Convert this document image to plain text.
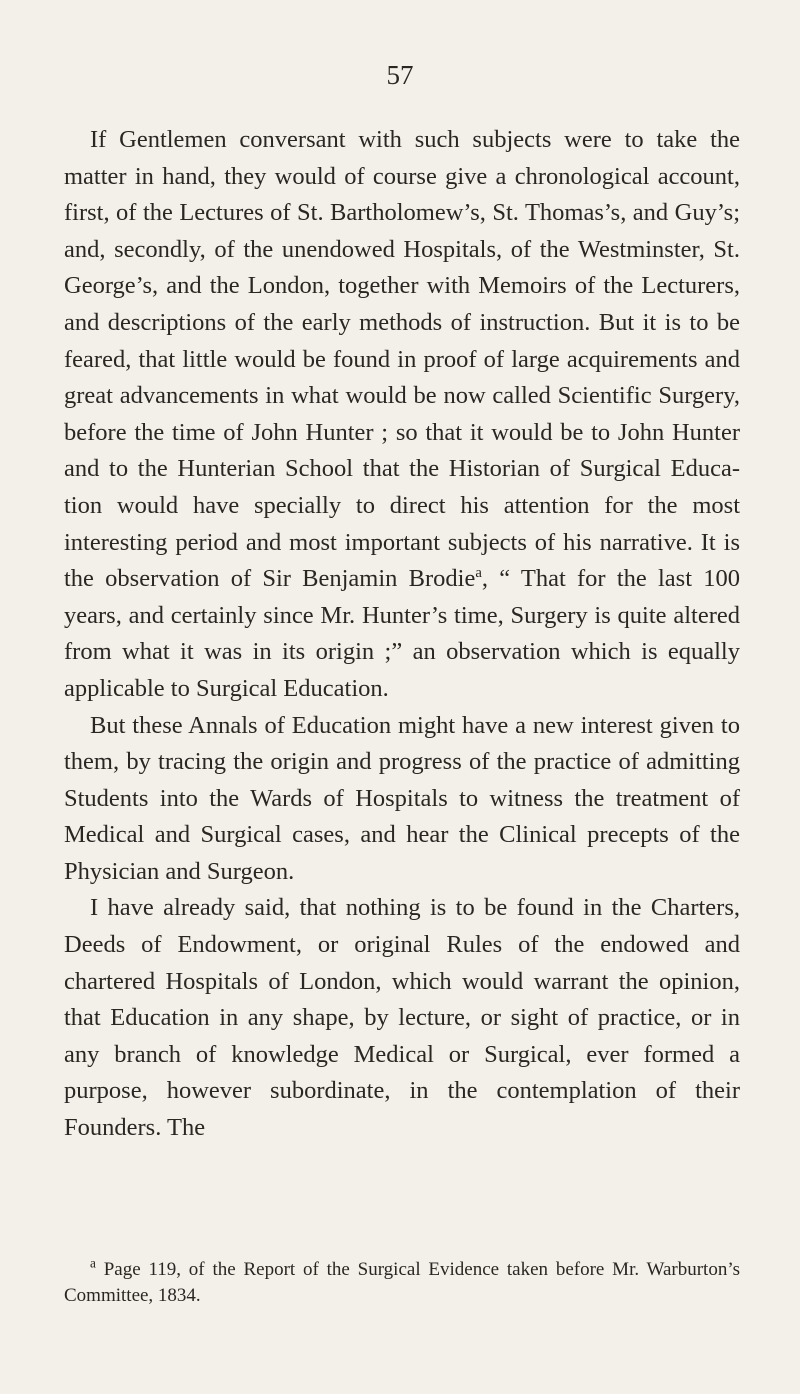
57

If Gentlemen conversant with such subjects were to take the matter in hand, they would of course give a chronological account, first, of the Lectures of St. Bartholomew’s, St. Thomas’s, and Guy’s; and, secondly, of the unendowed Hospitals, of the Westminster, St. George’s, and the London, together with Memoirs of the Lecturers, and descriptions of the early methods of instruction. But it is to be feared, that little would be found in proof of large acquirements and great advancements in what would be now called Scientific Surgery, before the time of John Hunter ; so that it would be to John Hunter and to the Hunterian School that the Historian of Surgical Educa-tion would have specially to direct his attention for the most interesting period and most important subjects of his narrative. It is the observation of Sir Benjamin Brodie$^a$, “ That for the last 100 years, and certainly since Mr. Hunter’s time, Surgery is quite altered from what it was in its origin ;” an observation which is equally applicable to Surgical Education.

But these Annals of Education might have a new interest given to them, by tracing the origin and progress of the practice of admitting Students into the Wards of Hospitals to witness the treatment of Medical and Surgical cases, and hear the Clinical precepts of the Physician and Surgeon.

I have already said, that nothing is to be found in the Charters, Deeds of Endowment, or original Rules of the endowed and chartered Hospitals of London, which would warrant the opinion, that Education in any shape, by lecture, or sight of practice, or in any branch of knowledge Medical or Surgical, ever formed a purpose, however subordinate, in the contemplation of their Founders. The

$^a$ Page 119, of the Report of the Surgical Evidence taken before Mr. Warburton’s Committee, 1834.
